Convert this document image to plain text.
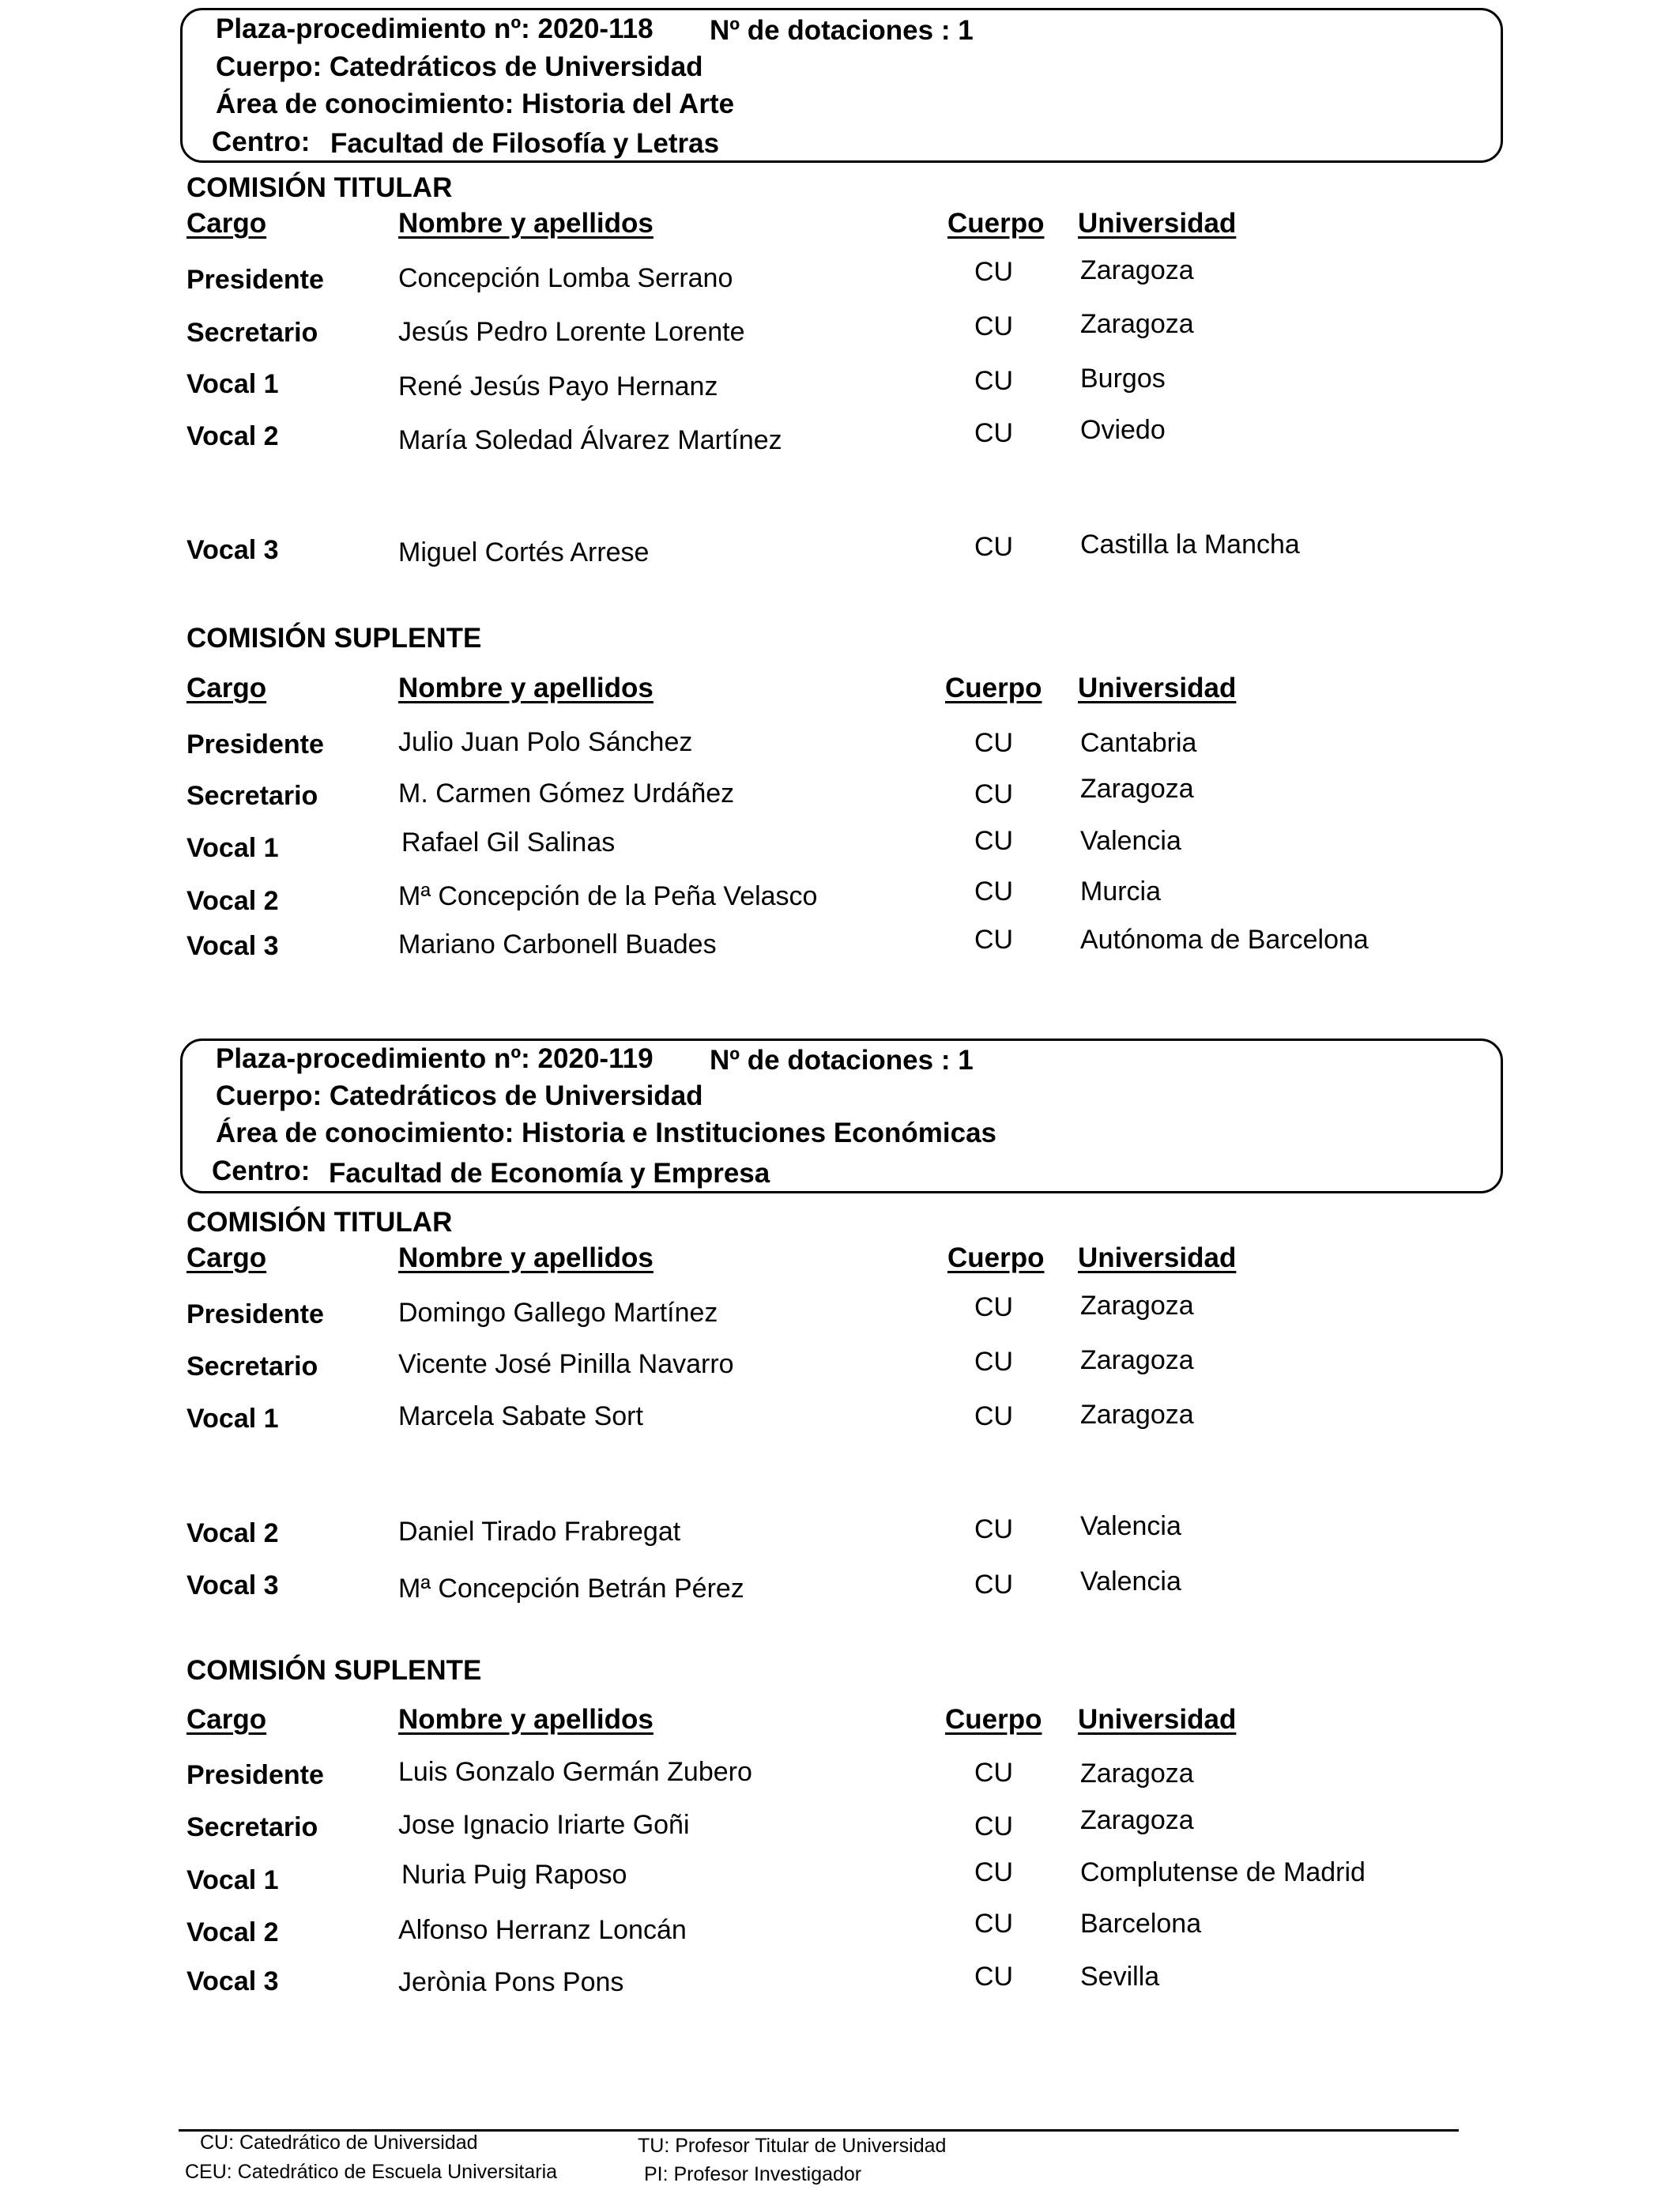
Plaza-procedimiento nº: 2020-118 Nº de dotaciones : 1
Cuerpo: Catedráticos de Universidad
Área de conocimiento: Historia del Arte
Centro: Facultad de Filosofía y Letras
COMISIÓN TITULAR
Cargo	Nombre y apellidos	Cuerpo Universidad
Presidente	Concepción Lomba Serrano	CU Zaragoza
Secretario	Jesús Pedro Lorente Lorente	CU Zaragoza
Vocal 1	René Jesús Payo Hernanz	CU Burgos
Vocal 2	María Soledad Álvarez Martínez	CU Oviedo
Vocal 3	Miguel Cortés Arrese	CU Castilla la Mancha
COMISIÓN SUPLENTE
Cargo	Nombre y apellidos	Cuerpo Universidad
Presidente	Julio Juan Polo Sánchez	CU Cantabria
Secretario	M. Carmen Gómez Urdáñez	CU Zaragoza
Vocal 1	Rafael Gil Salinas	CU Valencia
Vocal 2	Mª Concepción de la Peña Velasco	CU Murcia
Vocal 3	Mariano Carbonell Buades	CU Autónoma de Barcelona
Plaza-procedimiento nº: 2020-119 Nº de dotaciones : 1
Cuerpo: Catedráticos de Universidad
Área de conocimiento: Historia e Instituciones Económicas
Centro: Facultad de Economía y Empresa
COMISIÓN TITULAR
Cargo	Nombre y apellidos	Cuerpo Universidad
Presidente	Domingo Gallego Martínez	CU Zaragoza
Secretario	Vicente José Pinilla Navarro	CU Zaragoza
Vocal 1	Marcela Sabate Sort	CU Zaragoza
Vocal 2	Daniel Tirado Frabregat	CU Valencia
Vocal 3	Mª Concepción Betrán Pérez	CU Valencia
COMISIÓN SUPLENTE
Cargo	Nombre y apellidos	Cuerpo Universidad
Presidente	Luis Gonzalo Germán Zubero	CU Zaragoza
Secretario	Jose Ignacio Iriarte Goñi	CU Zaragoza
Vocal 1	Nuria Puig Raposo	CU Complutense de Madrid
Vocal 2	Alfonso Herranz Loncán	CU Barcelona
Vocal 3	Jerònia Pons Pons	CU Sevilla
CU: Catedrático de Universidad
CEU: Catedrático de Escuela Universitaria
TU: Profesor Titular de Universidad
PI: Profesor Investigador
